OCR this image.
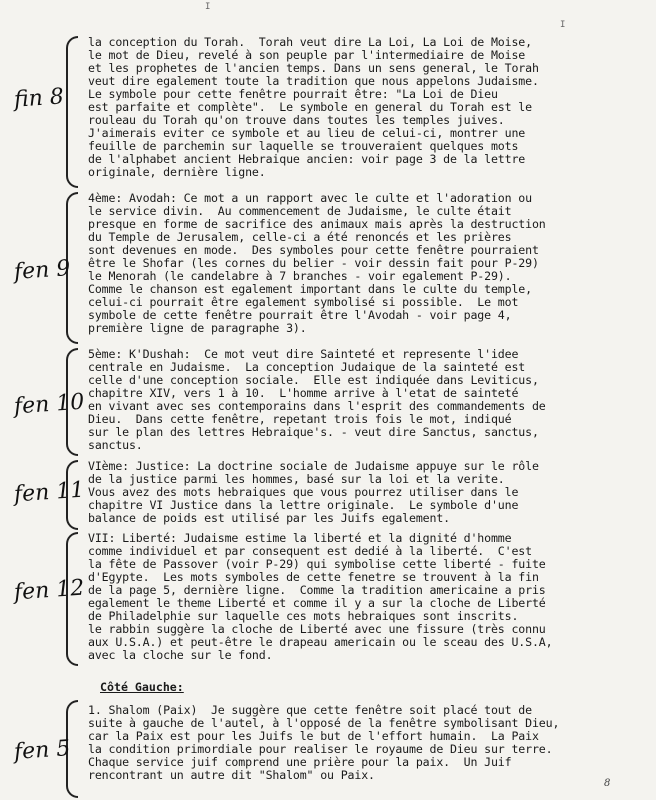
I
I
fin 8
la conception du Torah.  Torah veut dire La Loi, La Loi de Moise,
le mot de Dieu, revelé à son peuple par l'intermediaire de Moise
et les prophetes de l'ancien temps. Dans un sens general, le Torah
veut dire egalement toute la tradition que nous appelons Judaisme.
Le symbole pour cette fenêtre pourrait être: "La Loi de Dieu
est parfaite et complète".  Le symbole en general du Torah est le
rouleau du Torah qu'on trouve dans toutes les temples juives.
J'aimerais eviter ce symbole et au lieu de celui-ci, montrer une
feuille de parchemin sur laquelle se trouveraient quelques mots
de l'alphabet ancient Hebraique ancien: voir page 3 de la lettre
originale, dernière ligne.
fen 9
4ème: Avodah: Ce mot a un rapport avec le culte et l'adoration ou
le service divin.  Au commencement de Judaisme, le culte était
presque en forme de sacrifice des animaux mais après la destruction
du Temple de Jerusalem, celle-ci a été renoncés et les prières
sont devenues en mode.  Des symboles pour cette fenêtre pourraient
être le Shofar (les cornes du belier - voir dessin fait pour P-29)
le Menorah (le candelabre à 7 branches - voir egalement P-29).
Comme le chanson est egalement important dans le culte du temple,
celui-ci pourrait être egalement symbolisé si possible.  Le mot
symbole de cette fenêtre pourrait être l'Avodah - voir page 4,
première ligne de paragraphe 3).
fen 10
5ème: K'Dushah:  Ce mot veut dire Sainteté et represente l'idee
centrale en Judaisme.  La conception Judaique de la sainteté est
celle d'une conception sociale.  Elle est indiquée dans Leviticus,
chapitre XIV, vers 1 à 10.  L'homme arrive à l'etat de sainteté
en vivant avec ses contemporains dans l'esprit des commandements de
Dieu.  Dans cette fenêtre, repetant trois fois le mot, indiqué
sur le plan des lettres Hebraique's. - veut dire Sanctus, sanctus,
sanctus.
fen 11
VIème: Justice: La doctrine sociale de Judaisme appuye sur le rôle
de la justice parmi les hommes, basé sur la loi et la verite.
Vous avez des mots hebraiques que vous pourrez utiliser dans le
chapitre VI Justice dans la lettre originale.  Le symbole d'une
balance de poids est utilisé par les Juifs egalement.
fen 12
VII: Liberté: Judaisme estime la liberté et la dignité d'homme
comme individuel et par consequent est dedié à la liberté.  C'est
la fête de Passover (voir P-29) qui symbolise cette liberté - fuite
d'Egypte.  Les mots symboles de cette fenetre se trouvent à la fin
de la page 5, dernière ligne.  Comme la tradition americaine a pris
egalement le theme Liberté et comme il y a sur la cloche de Liberté
de Philadelphie sur laquelle ces mots hebraiques sont inscrits.
le rabbin suggère la cloche de Liberté avec une fissure (très connu
aux U.S.A.) et peut-être le drapeau americain ou le sceau des U.S.A,
avec la cloche sur le fond.
Côté Gauche:
fen 5
1. Shalom (Paix)  Je suggère que cette fenêtre soit placé tout de
suite à gauche de l'autel, à l'opposé de la fenêtre symbolisant Dieu,
car la Paix est pour les Juifs le but de l'effort humain.  La Paix
la condition primordiale pour realiser le royaume de Dieu sur terre.
Chaque service juif comprend une prière pour la paix.  Un Juif
rencontrant un autre dit "Shalom" ou Paix.
8
